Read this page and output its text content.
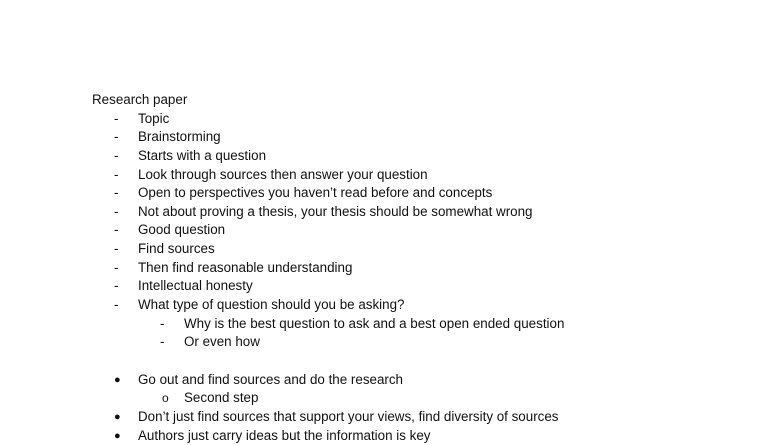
Research paper
- Topic
- Brainstorming
- Starts with a question
- Look through sources then answer your question
- Open to perspectives you haven’t read before and concepts
- Not about proving a thesis, your thesis should be somewhat wrong
- Good question
- Find sources
- Then find reasonable understanding
- Intellectual honesty
- What type of question should you be asking?
- Why is the best question to ask and a best open ended question
- Or even how
● Go out and find sources and do the research
o Second step
● Don’t just find sources that support your views, find diversity of sources
● Authors just carry ideas but the information is key
